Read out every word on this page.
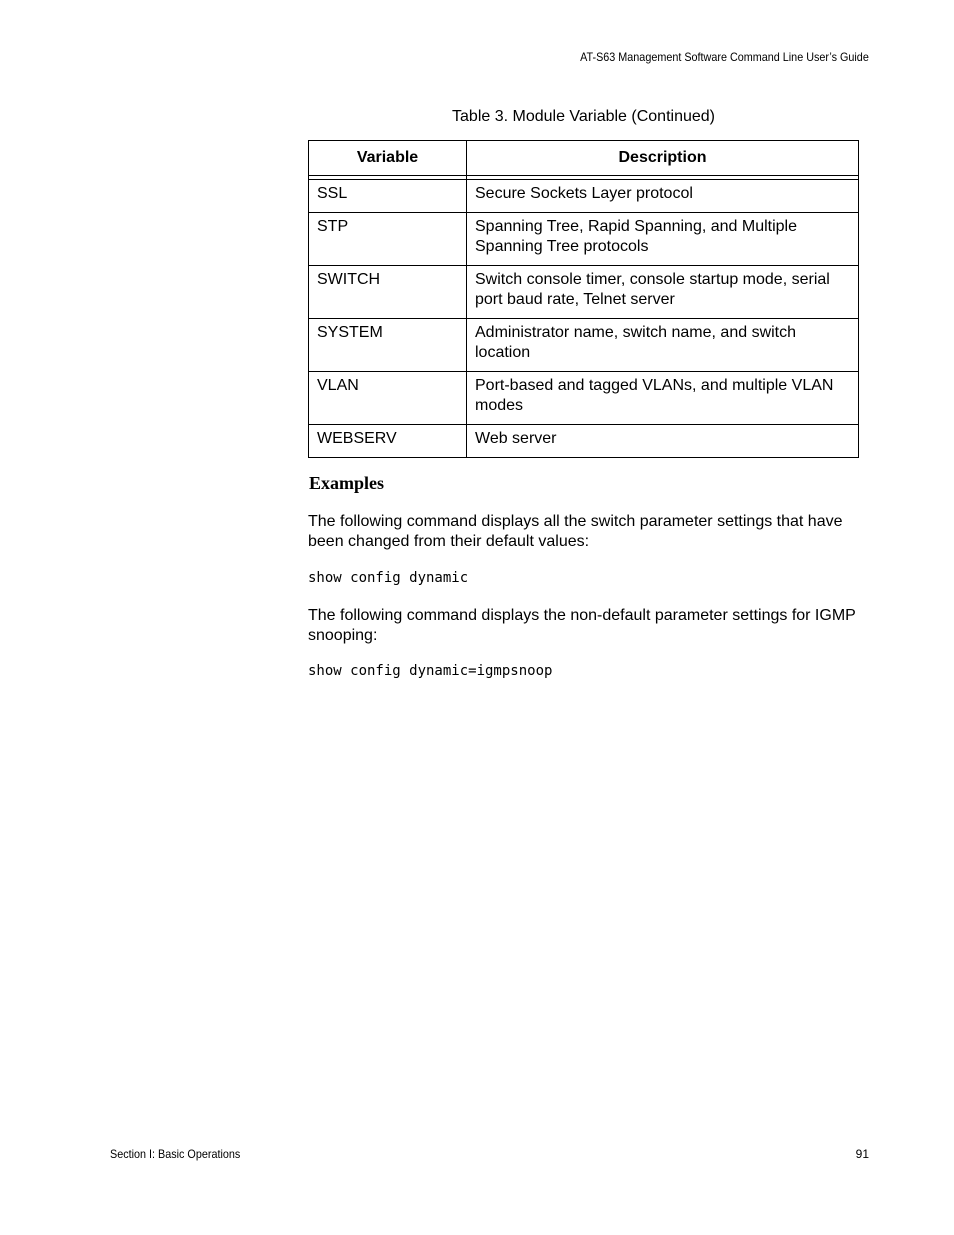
AT-S63 Management Software Command Line User’s Guide
Table 3. Module Variable (Continued)
Variable	Description

SSL	Secure Sockets Layer protocol
STP	Spanning Tree, Rapid Spanning, and Multiple Spanning Tree protocols
SWITCH	Switch console timer, console startup mode, serial port baud rate, Telnet server
SYSTEM	Administrator name, switch name, and switch location
VLAN	Port-based and tagged VLANs, and multiple VLAN modes
WEBSERV	Web server
Examples
The following command displays all the switch parameter settings that have been changed from their default values:
show config dynamic
The following command displays the non-default parameter settings for IGMP snooping:
show config dynamic=igmpsnoop
Section I: Basic Operations	91
